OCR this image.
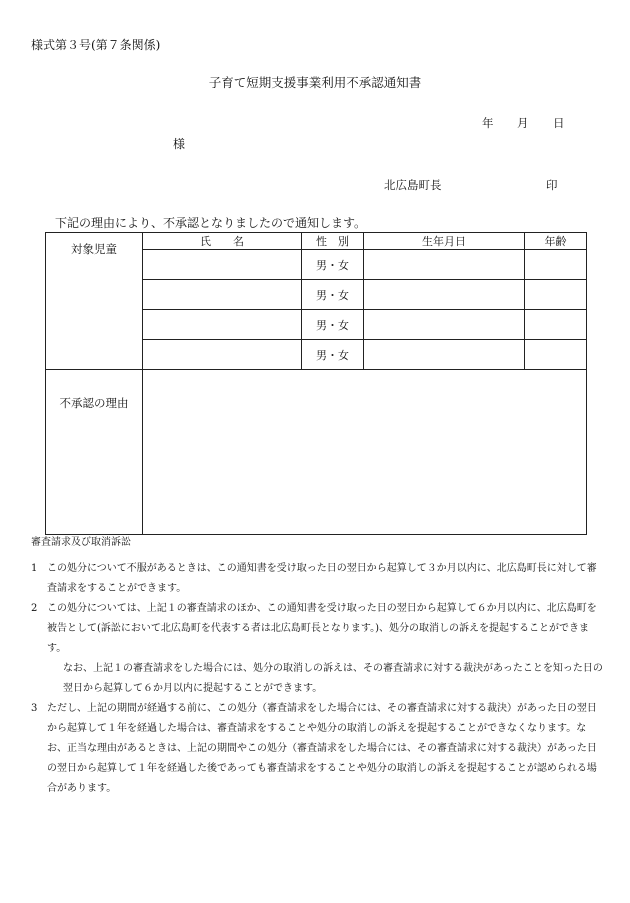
様式第３号(第７条関係)
子育て短期支援事業利用不承認通知書
年 月 日
様
北広島町長	印
下記の理由により、不承認となりましたので通知します。
対象児童	氏　　名	性　別	生年月日	年齢
		男・女		
		男・女		
		男・女		
		男・女		
不承認の理由				

審査請求及び取消訴訟

1 この処分について不服があるときは、この通知書を受け取った日の翌日から起算して３か月以内に、北広島町長に対して審査請求をすることができます。

2 この処分については、上記１の審査請求のほか、この通知書を受け取った日の翌日から起算して６か月以内に、北広島町を被告として(訴訟において北広島町を代表する者は北広島町長となります。)、処分の取消しの訴えを提起することができます。

なお、上記１の審査請求をした場合には、処分の取消しの訴えは、その審査請求に対する裁決があったことを知った日の翌日から起算して６か月以内に提起することができます。

3 ただし、上記の期間が経過する前に、この処分（審査請求をした場合には、その審査請求に対する裁決）があった日の翌日から起算して１年を経過した場合は、審査請求をすることや処分の取消しの訴えを提起することができなくなります。なお、正当な理由があるときは、上記の期間やこの処分（審査請求をした場合には、その審査請求に対する裁決）があった日の翌日から起算して１年を経過した後であっても審査請求をすることや処分の取消しの訴えを提起することが認められる場合があります。
